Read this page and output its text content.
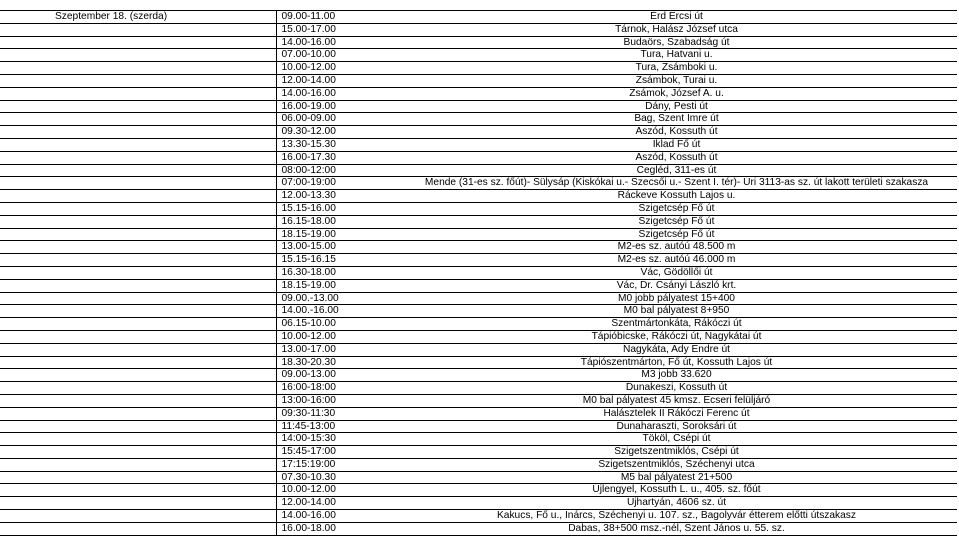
Szeptember 18. (szerda)	09.00-11.00	Érd Ercsi út
	15.00-17.00	Tárnok, Halász József utca
	14.00-16.00	Budaörs, Szabadság út
	07.00-10.00	Tura, Hatvani u.
	10.00-12.00	Tura, Zsámboki u.
	12.00-14.00	Zsámbok, Turai u.
	14.00-16.00	Zsámok, József A. u.
	16.00-19.00	Dány, Pesti út
	06.00-09.00	Bag, Szent Imre út
	09.30-12.00	Aszód, Kossuth út
	13.30-15.30	Iklad Fő út
	16.00-17.30	Aszód, Kossuth út
	08:00-12:00	Cegléd, 311-es út
	07:00-19:00	Mende (31-es sz. főút)- Sülysáp (Kiskókai u.- Szecsői u.- Szent I. tér)- Úri 3113-as sz. út lakott területi szakasza
	12.00-13.30	Ráckeve Kossuth Lajos u.
	15.15-16.00	Szigetcsép Fő út
	16.15-18.00	Szigetcsép Fő út
	18.15-19.00	Szigetcsép Fő út
	13.00-15.00	M2-es sz. autóú 48.500 m
	15.15-16.15	M2-es sz. autóú 46.000 m
	16.30-18.00	Vác, Gödöllői út
	18.15-19.00	Vác, Dr. Csányi László krt.
	09.00.-13.00	M0 jobb pályatest 15+400
	14.00.-16.00	M0 bal pályatest 8+950
	06.15-10.00	Szentmártonkáta, Rákóczi út
	10.00-12.00	Tápióbicske, Rákóczi út, Nagykátai út
	13.00-17.00	Nagykáta, Ady Endre út
	18.30-20.30	Tápiószentmárton, Fő út, Kossuth Lajos út
	09.00-13.00	M3 jobb 33.620
	16:00-18:00	Dunakeszi, Kossuth út
	13:00-16:00	M0 bal pályatest 45 kmsz. Ecseri felüljáró
	09:30-11:30	Halásztelek II Rákóczi Ferenc út
	11:45-13:00	Dunaharaszti, Soroksári út
	14:00-15:30	Tököl, Csépi út
	15:45-17:00	Szigetszentmiklós, Csépi út
	17:15:19:00	Szigetszentmiklós, Széchenyi utca
	07.30-10.30	M5 bal pályatest 21+500
	10.00-12.00	Újlengyel, Kossuth L. u., 405. sz. főút
	12.00-14.00	Ujhartyán, 4606 sz. út
	14.00-16.00	Kakucs, Fő u., Inárcs, Széchenyi u. 107. sz., Bagolyvár étterem előtti útszakasz
	16.00-18.00	Dabas, 38+500 msz.-nél, Szent János u. 55. sz.
